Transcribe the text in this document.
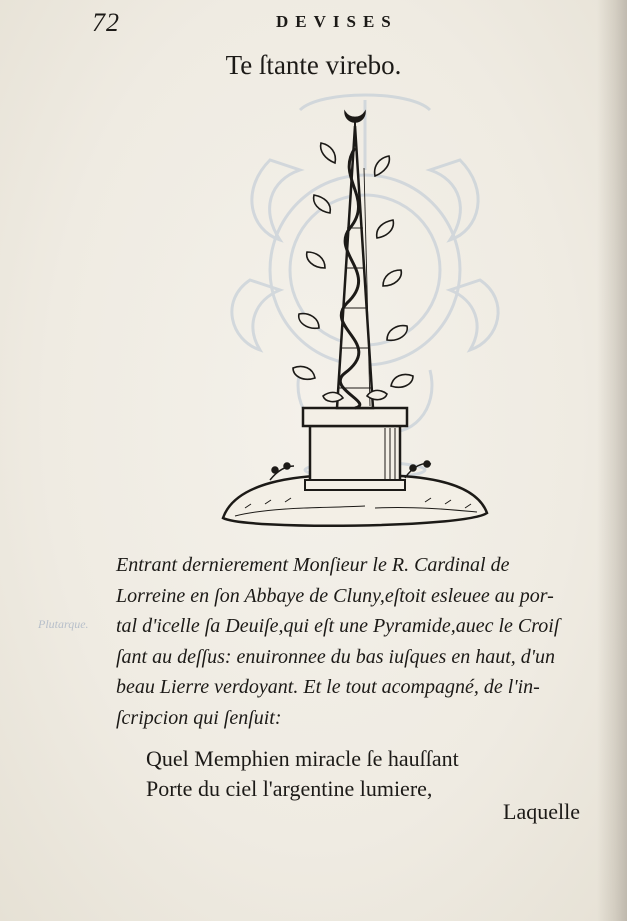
72	DEVISES
Te ſtante virebo.
Plutarque.
Entrant dernierement Monſieur le R. Cardinal de
Lorreine en ſon Abbaye de Cluny,eſtoit esleuee au por-
tal d'icelle ſa Deuiſe,qui eſt une Pyramide,auec le Croiſ
ſant au deſſus: enuironnee du bas iuſques en haut, d'un
beau Lierre verdoyant. Et le tout acompagné, de l'in-
ſcripcion qui ſenſuit:
Quel Memphien miracle ſe hauſſant
Porte du ciel l'argentine lumiere,
Laquelle
